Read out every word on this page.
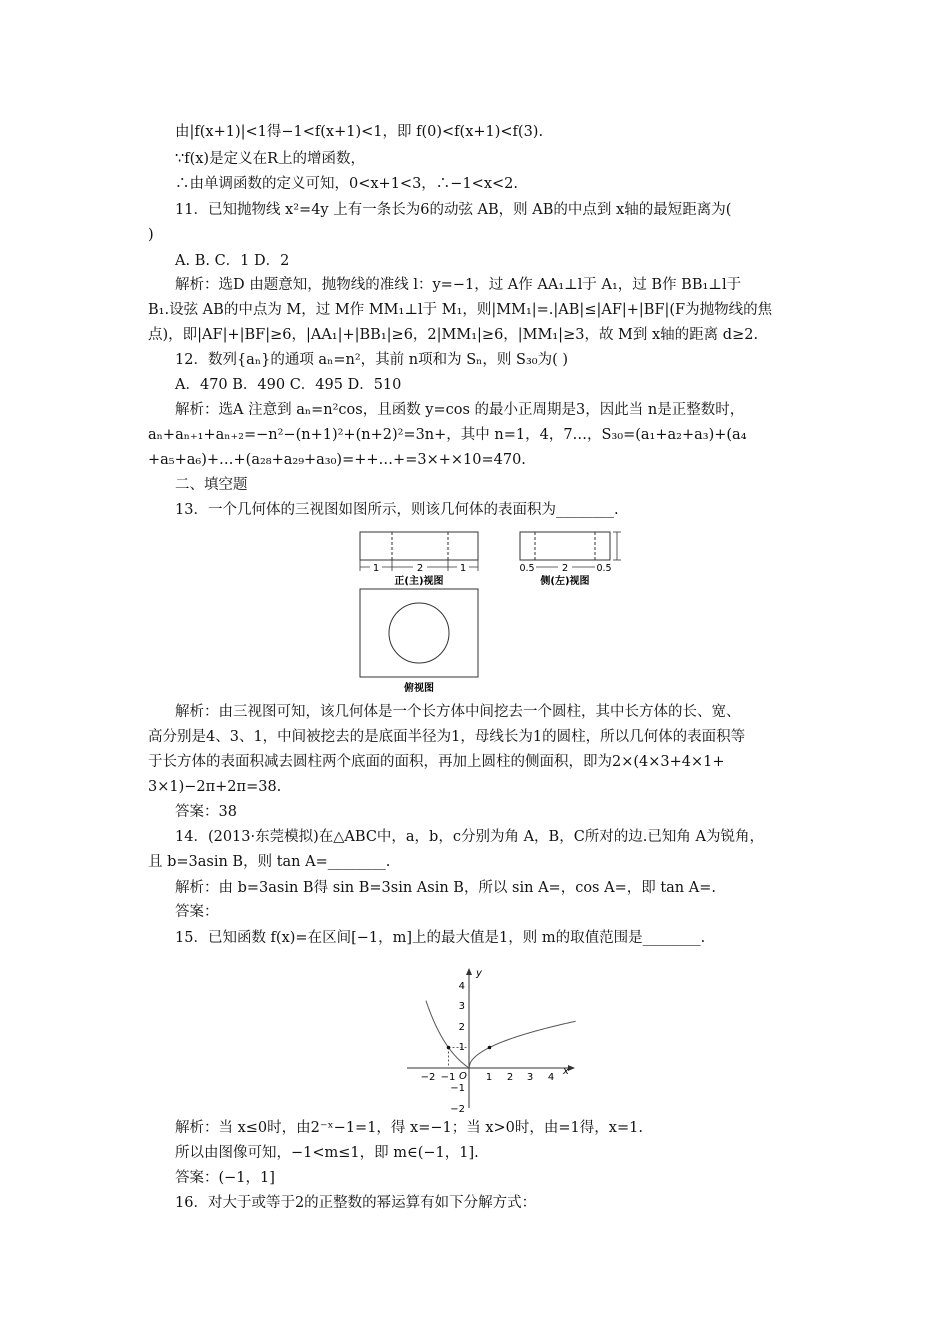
由|f(x+1)|<1得−1<f(x+1)<1，即 f(0)<f(x+1)<f(3).
∵f(x)是定义在R上的增函数，
∴由单调函数的定义可知，0<x+1<3，∴−1<x<2.
11．已知抛物线 x²=4y 上有一条长为6的动弦 AB，则 AB的中点到 x轴的最短距离为(
)
A. B. C．1 D．2
解析：选D 由题意知，抛物线的准线 l：y=−1，过 A作 AA₁⊥l于 A₁，过 B作 BB₁⊥l于
B₁.设弦 AB的中点为 M，过 M作 MM₁⊥l于 M₁，则|MM₁|=.|AB|≤|AF|+|BF|(F为抛物线的焦
点)，即|AF|+|BF|≥6，|AA₁|+|BB₁|≥6，2|MM₁|≥6，|MM₁|≥3，故 M到 x轴的距离 d≥2.
12．数列{aₙ}的通项 aₙ=n²，其前 n项和为 Sₙ，则 S₃₀为( )
A．470 B．490 C．495 D．510
解析：选A 注意到 aₙ=n²cos，且函数 y=cos 的最小正周期是3，因此当 n是正整数时，
aₙ+aₙ₊₁+aₙ₊₂=−n²−(n+1)²+(n+2)²=3n+，其中 n=1，4，7…，S₃₀=(a₁+a₂+a₃)+(a₄
+a₅+a₆)+…+(a₂₈+a₂₉+a₃₀)=++…+=3×+×10=470.
二、填空题
13．一个几何体的三视图如图所示，则该几何体的表面积为________.
1	2	1
正(主)视图
0.5	2	0.5
侧(左)视图
俯视图
解析：由三视图可知，该几何体是一个长方体中间挖去一个圆柱，其中长方体的长、宽、
高分别是4、3、1，中间被挖去的是底面半径为1，母线长为1的圆柱，所以几何体的表面积等
于长方体的表面积减去圆柱两个底面的面积，再加上圆柱的侧面积，即为2×(4×3+4×1+
3×1)−2π+2π=38.
答案：38
14．(2013·东莞模拟)在△ABC中，a，b，c分别为角 A，B，C所对的边.已知角 A为锐角，
且 b=3asin B，则 tan A=________.
解析：由 b=3asin B得 sin B=3sin Asin B，所以 sin A=，cos A=，即 tan A=.
答案：
15．已知函数 f(x)=在区间[−1，m]上的最大值是1，则 m的取值范围是________.
y
x
O
−2 −1	1 2 3 4
4
3
2
1
−1
−2
解析：当 x≤0时，由2⁻ˣ−1=1，得 x=−1；当 x>0时，由=1得，x=1.
所以由图像可知，−1<m≤1，即 m∈(−1，1].
答案：(−1，1]
16．对大于或等于2的正整数的幂运算有如下分解方式：
